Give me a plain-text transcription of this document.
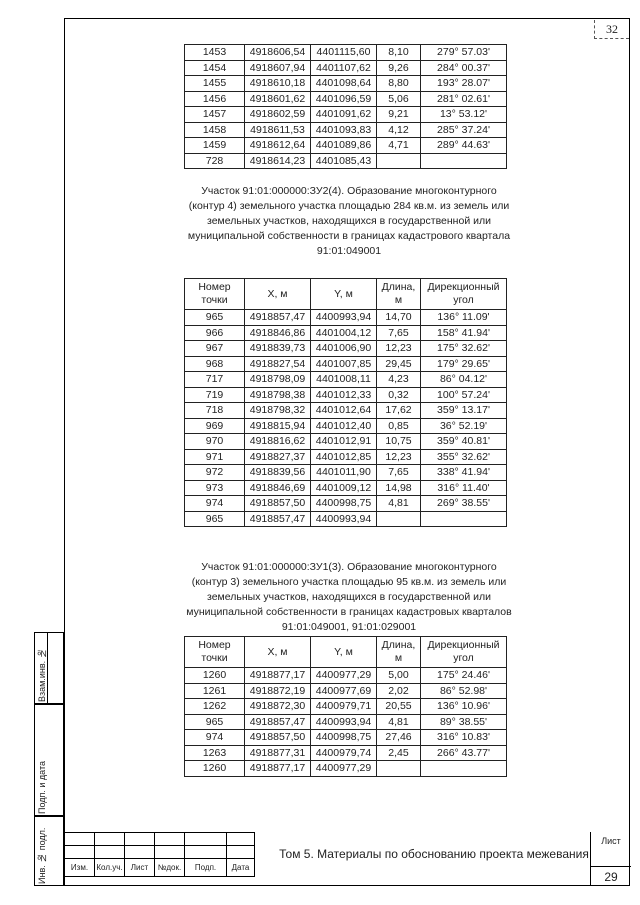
32
1453	4918606,54	4401115,60	8,10	279° 57.03'
1454	4918607,94	4401107,62	9,26	284° 00.37'
1455	4918610,18	4401098,64	8,80	193° 28.07'
1456	4918601,62	4401096,59	5,06	281° 02.61'
1457	4918602,59	4401091,62	9,21	13° 53.12'
1458	4918611,53	4401093,83	4,12	285° 37.24'
1459	4918612,64	4401089,86	4,71	289° 44.63'
728	4918614,23	4401085,43		
Участок 91:01:000000:ЗУ2(4). Образование многоконтурного (контур 4) земельного участка площадью 284 кв.м. из земель или земельных участков, находящихся в государственной или муниципальной собственности в границах кадастрового квартала 91:01:049001
Номер точки	X, м	Y, м	Длина, м	Дирекционный угол
965	4918857,47	4400993,94	14,70	136° 11.09'
966	4918846,86	4401004,12	7,65	158° 41.94'
967	4918839,73	4401006,90	12,23	175° 32.62'
968	4918827,54	4401007,85	29,45	179° 29.65'
717	4918798,09	4401008,11	4,23	86° 04.12'
719	4918798,38	4401012,33	0,32	100° 57.24'
718	4918798,32	4401012,64	17,62	359° 13.17'
969	4918815,94	4401012,40	0,85	36° 52.19'
970	4918816,62	4401012,91	10,75	359° 40.81'
971	4918827,37	4401012,85	12,23	355° 32.62'
972	4918839,56	4401011,90	7,65	338° 41.94'
973	4918846,69	4401009,12	14,98	316° 11.40'
974	4918857,50	4400998,75	4,81	269° 38.55'
965	4918857,47	4400993,94		
Участок 91:01:000000:ЗУ1(3). Образование многоконтурного (контур 3) земельного участка площадью 95 кв.м. из земель или земельных участков, находящихся в государственной или муниципальной собственности в границах кадастровых кварталов 91:01:049001, 91:01:029001
Номер точки	X, м	Y, м	Длина, м	Дирекционный угол
1260	4918877,17	4400977,29	5,00	175° 24.46'
1261	4918872,19	4400977,69	2,02	86° 52.98'
1262	4918872,30	4400979,71	20,55	136° 10.96'
965	4918857,47	4400993,94	4,81	89° 38.55'
974	4918857,50	4400998,75	27,46	316° 10.83'
1263	4918877,31	4400979,74	2,45	266° 43.77'
1260	4918877,17	4400977,29		
Взам.инв. №
Подп. и дата
Инв. № подл.

						Изм.	Кол.уч.	Лист	№док.	Подп.	Дата
Том 5. Материалы по обоснованию проекта межевания
Лист
29
